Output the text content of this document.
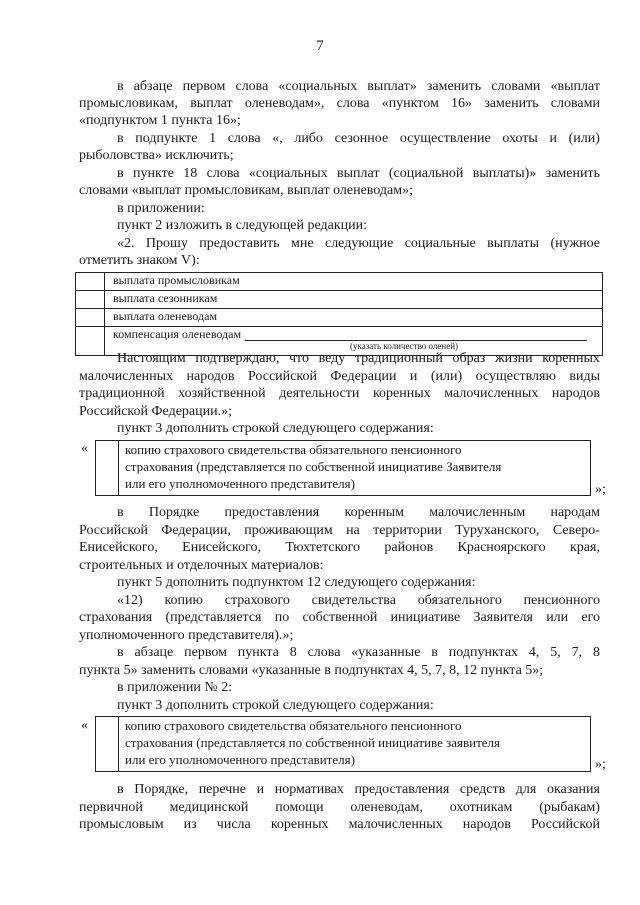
7
в абзаце первом слова «социальных выплат» заменить словами «выплат
промысловикам, выплат оленеводам», слова «пунктом 16» заменить словами
«подпунктом 1 пункта 16»;
в подпункте 1 слова «, либо сезонное осуществление охоты и (или)
рыболовства» исключить;
в пункте 18 слова «социальных выплат (социальной выплаты)» заменить
словами «выплат промысловикам, выплат оленеводам»;
в приложении:
пункт 2 изложить в следующей редакции:
«2. Прошу предоставить мне следующие социальные выплаты (нужное
отметить знаком V):
	выплата промысловикам
	выплата сезонникам
	выплата оленеводам
	компенсация оленеводам
(указать количество оленей)
Настоящим подтверждаю, что веду традиционный образ жизни коренных
малочисленных народов Российской Федерации и (или) осуществляю виды
традиционной хозяйственной деятельности коренных малочисленных народов
Российской Федерации.»;
пункт 3 дополнить строкой следующего содержания:
«	копию страхового свидетельства обязательного пенсионного
страхования (представляется по собственной инициативе Заявителя
или его уполномоченного представителя)	»;
в Порядке предоставления коренным малочисленным народам
Российской Федерации, проживающим на территории Туруханского, Северо-
Енисейского, Енисейского, Тюхтетского районов Красноярского края,
строительных и отделочных материалов:
пункт 5 дополнить подпунктом 12 следующего содержания:
«12) копию страхового свидетельства обязательного пенсионного
страхования (представляется по собственной инициативе Заявителя или его
уполномоченного представителя).»;
в абзаце первом пункта 8 слова «указанные в подпунктах 4, 5, 7, 8
пункта 5» заменить словами «указанные в подпунктах 4, 5, 7, 8, 12 пункта 5»;
в приложении № 2:
пункт 3 дополнить строкой следующего содержания:
«	копию страхового свидетельства обязательного пенсионного
страхования (представляется по собственной инициативе заявителя
или его уполномоченного представителя)	»;
в Порядке, перечне и нормативах предоставления средств для оказания
первичной медицинской помощи оленеводам, охотникам (рыбакам)
промысловым из числа коренных малочисленных народов Российской
